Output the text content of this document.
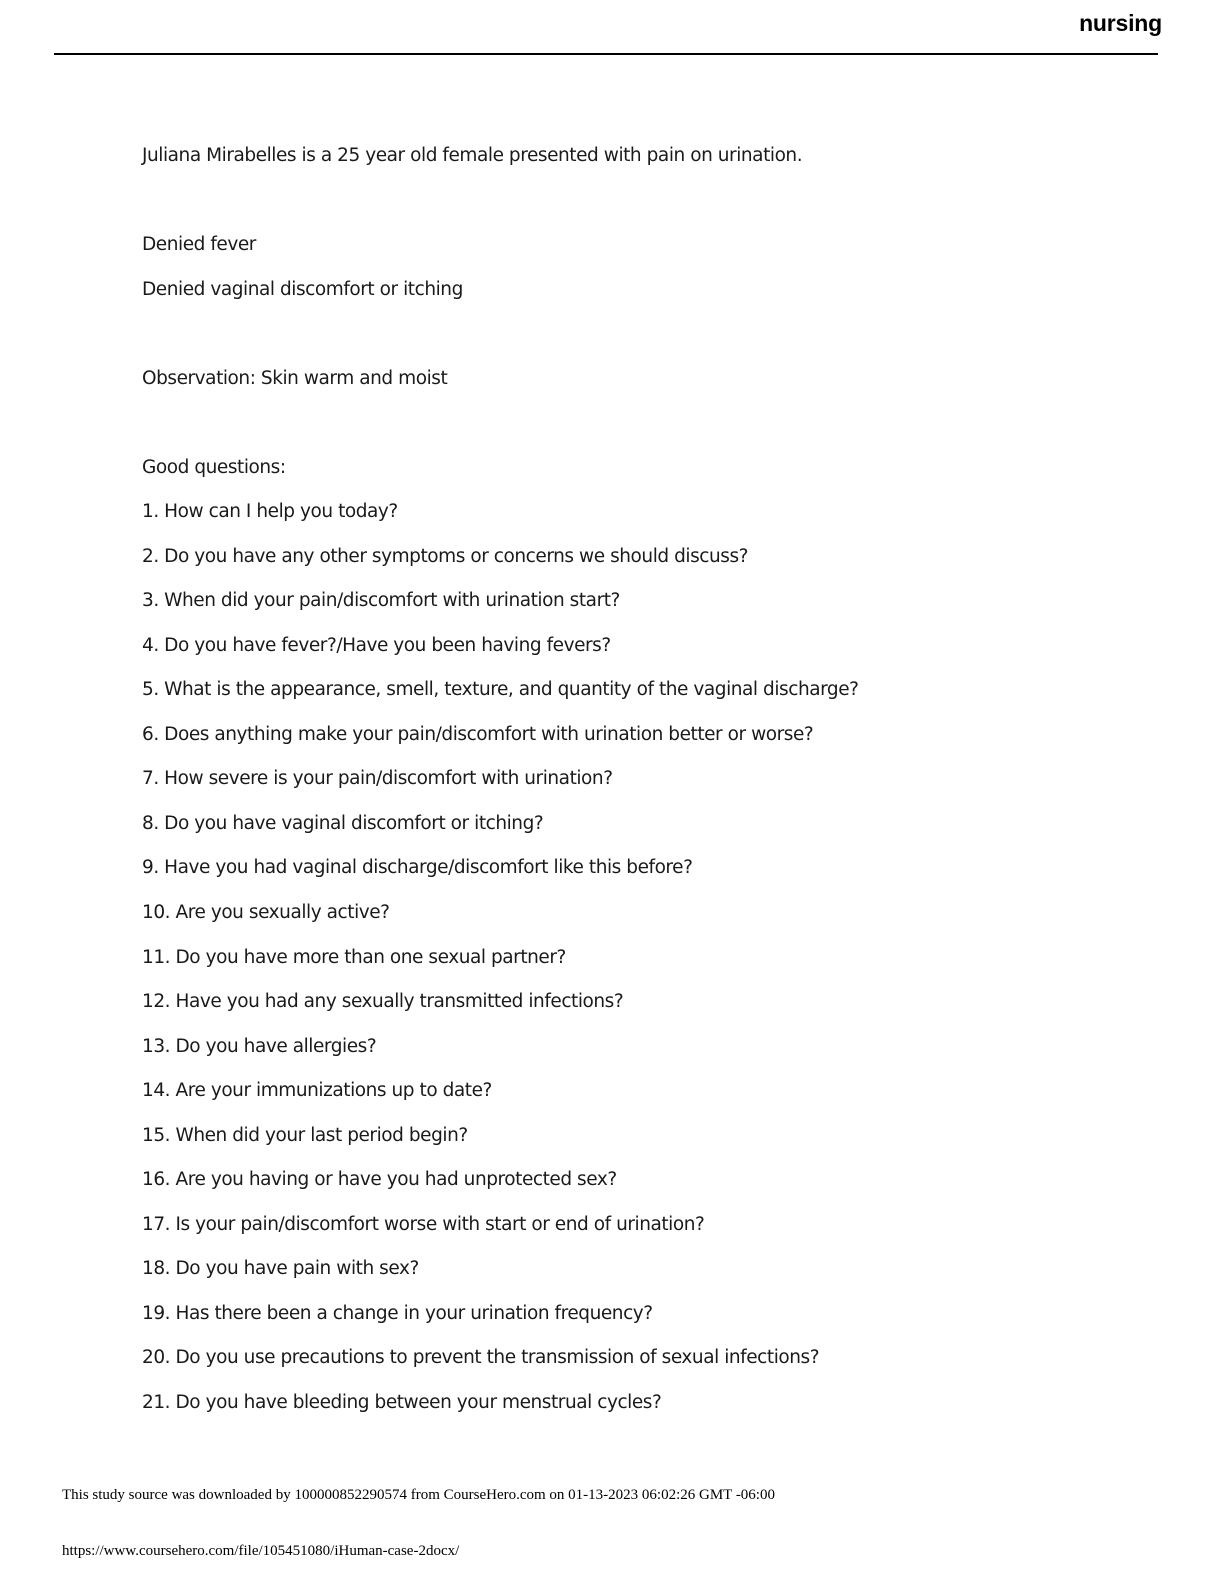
nursing
Juliana Mirabelles is a 25 year old female presented with pain on urination.
Denied fever
Denied vaginal discomfort or itching
Observation: Skin warm and moist
Good questions:
1. How can I help you today?
2. Do you have any other symptoms or concerns we should discuss?
3. When did your pain/discomfort with urination start?
4. Do you have fever?/Have you been having fevers?
5. What is the appearance, smell, texture, and quantity of the vaginal discharge?
6. Does anything make your pain/discomfort with urination better or worse?
7. How severe is your pain/discomfort with urination?
8. Do you have vaginal discomfort or itching?
9. Have you had vaginal discharge/discomfort like this before?
10. Are you sexually active?
11. Do you have more than one sexual partner?
12. Have you had any sexually transmitted infections?
13. Do you have allergies?
14. Are your immunizations up to date?
15. When did your last period begin?
16. Are you having or have you had unprotected sex?
17. Is your pain/discomfort worse with start or end of urination?
18. Do you have pain with sex?
19. Has there been a change in your urination frequency?
20. Do you use precautions to prevent the transmission of sexual infections?
21. Do you have bleeding between your menstrual cycles?
This study source was downloaded by 100000852290574 from CourseHero.com on 01-13-2023 06:02:26 GMT -06:00
https://www.coursehero.com/file/105451080/iHuman-case-2docx/
